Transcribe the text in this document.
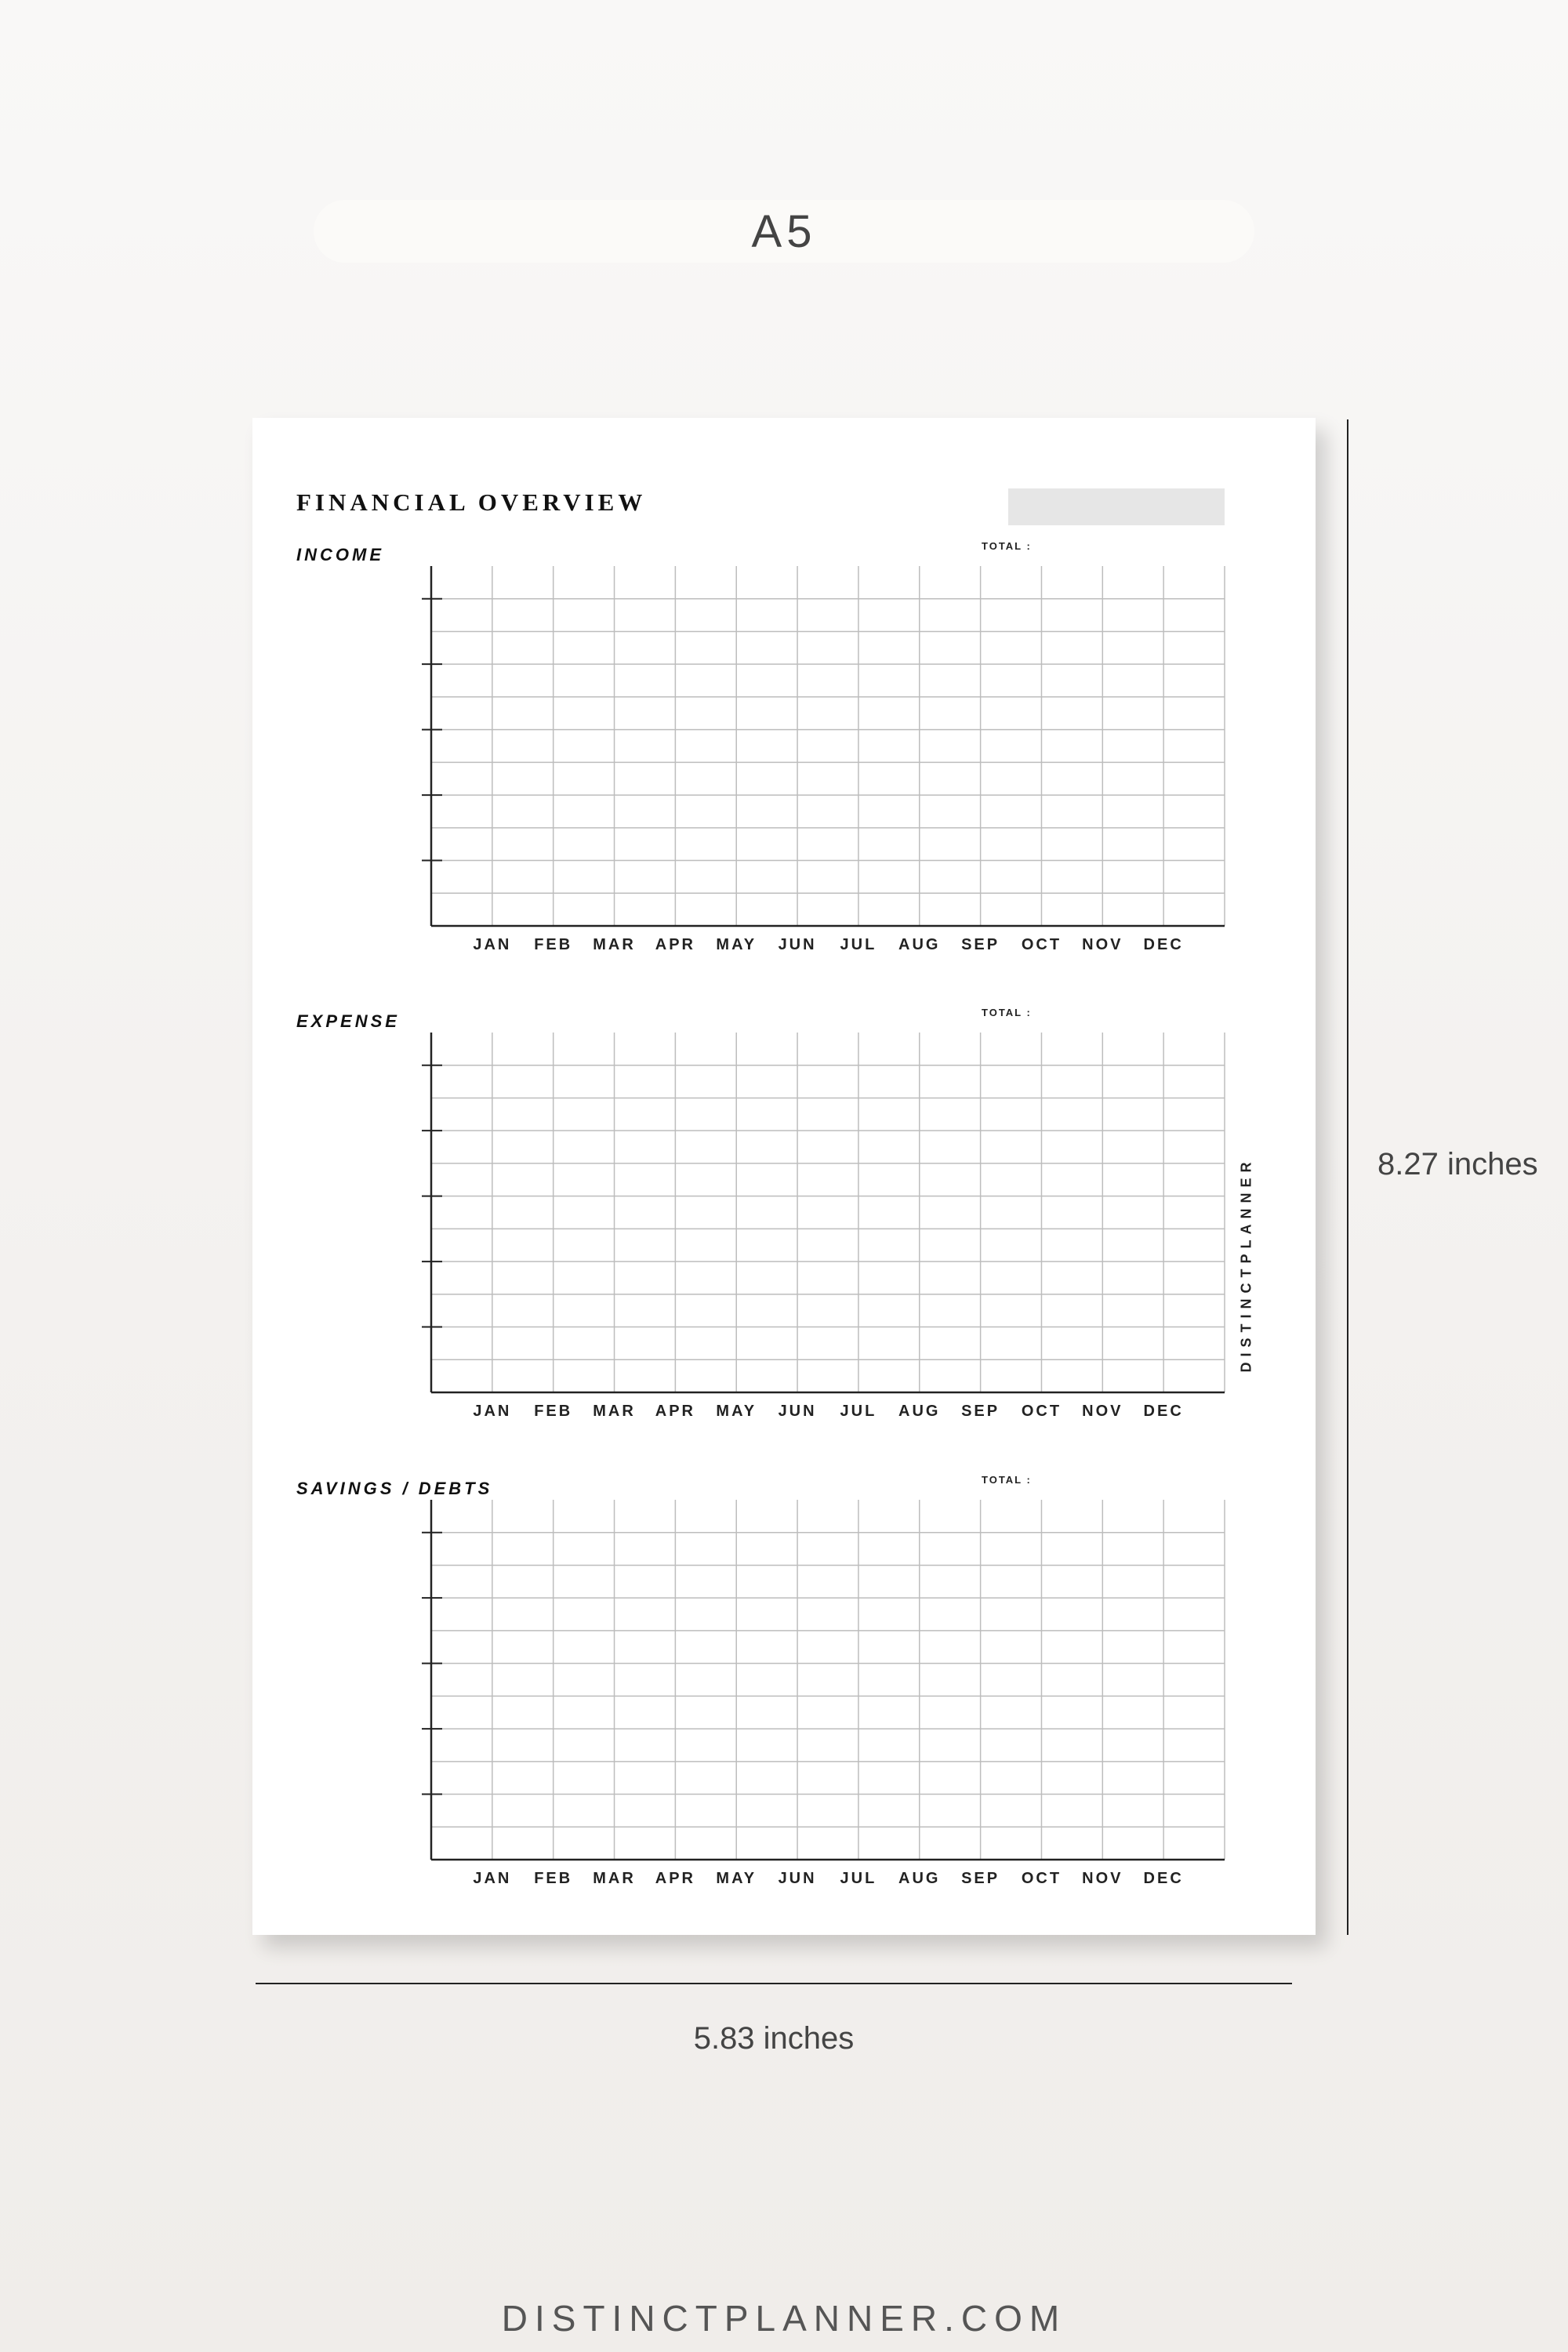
A5
FINANCIAL OVERVIEW
INCOME	TOTAL :
JAN FEB MAR APR MAY JUN JUL AUG SEP OCT NOV DEC
EXPENSE	TOTAL :
JAN FEB MAR APR MAY JUN JUL AUG SEP OCT NOV DEC
SAVINGS / DEBTS	TOTAL :
JAN FEB MAR APR MAY JUN JUL AUG SEP OCT NOV DEC
DISTINCTPLANNER	8.27 inches
5.83 inches
DISTINCTPLANNER.COM
